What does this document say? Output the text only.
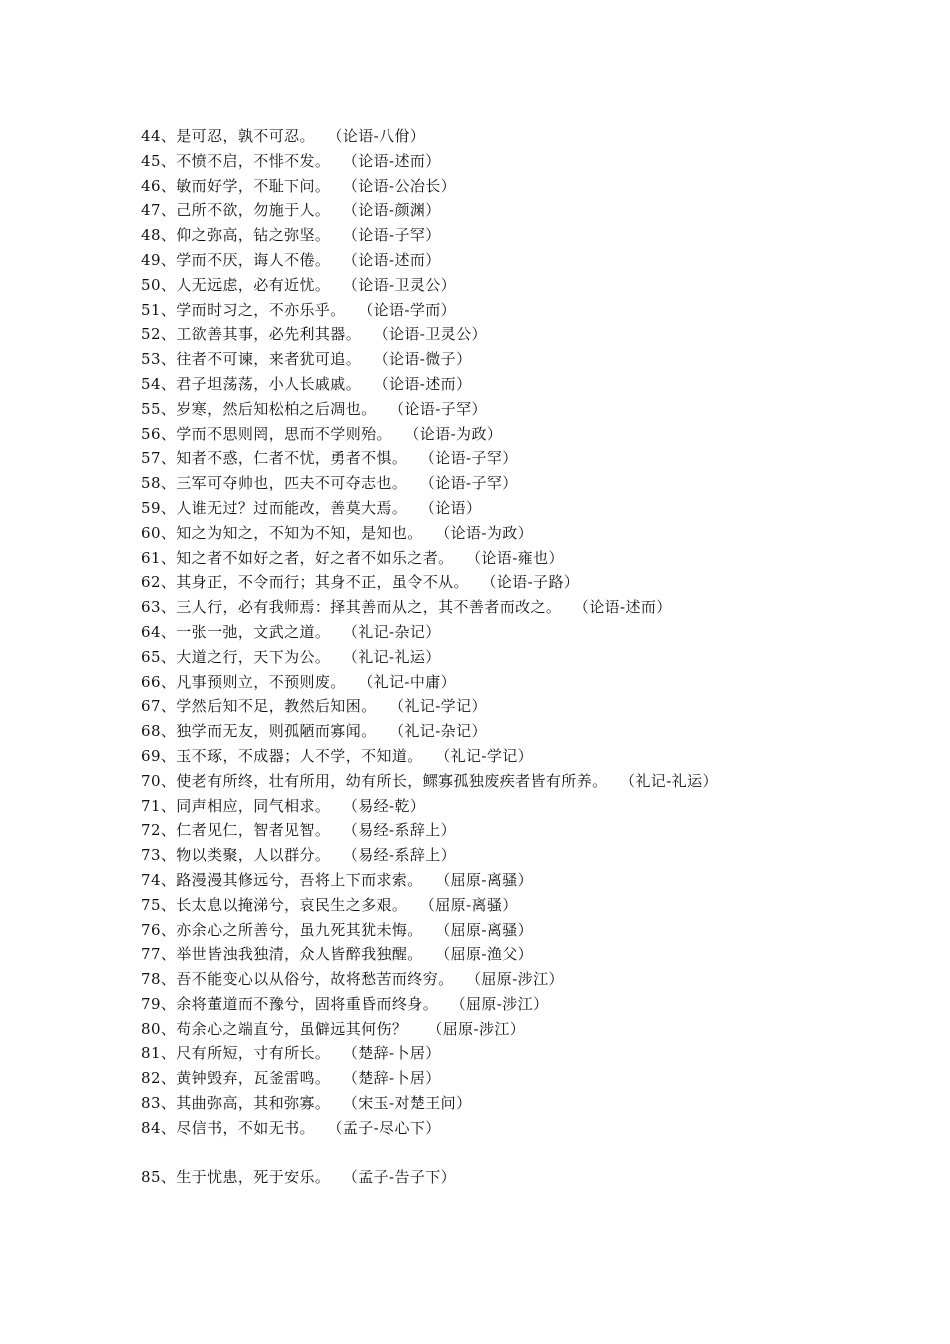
44、是可忍，孰不可忍。 （论语-八佾）
45、不愤不启，不悱不发。 （论语-述而）
46、敏而好学，不耻下问。 （论语-公冶长）
47、己所不欲，勿施于人。 （论语-颜渊）
48、仰之弥高，钻之弥坚。 （论语-子罕）
49、学而不厌，诲人不倦。 （论语-述而）
50、人无远虑，必有近忧。 （论语-卫灵公）
51、学而时习之，不亦乐乎。 （论语-学而）
52、工欲善其事，必先利其器。 （论语-卫灵公）
53、往者不可谏，来者犹可追。 （论语-微子）
54、君子坦荡荡，小人长戚戚。 （论语-述而）
55、岁寒，然后知松柏之后凋也。 （论语-子罕）
56、学而不思则罔，思而不学则殆。 （论语-为政）
57、知者不惑，仁者不忧，勇者不惧。 （论语-子罕）
58、三军可夺帅也，匹夫不可夺志也。 （论语-子罕）
59、人谁无过？过而能改，善莫大焉。 （论语）
60、知之为知之，不知为不知，是知也。 （论语-为政）
61、知之者不如好之者，好之者不如乐之者。 （论语-雍也）
62、其身正，不令而行；其身不正，虽令不从。 （论语-子路）
63、三人行，必有我师焉：择其善而从之，其不善者而改之。 （论语-述而）
64、一张一弛，文武之道。 （礼记-杂记）
65、大道之行，天下为公。 （礼记-礼运）
66、凡事预则立，不预则废。 （礼记-中庸）
67、学然后知不足，教然后知困。 （礼记-学记）
68、独学而无友，则孤陋而寡闻。 （礼记-杂记）
69、玉不琢，不成器；人不学，不知道。 （礼记-学记）
70、使老有所终，壮有所用，幼有所长，鳏寡孤独废疾者皆有所养。 （礼记-礼运）
71、同声相应，同气相求。 （易经-乾）
72、仁者见仁，智者见智。 （易经-系辞上）
73、物以类聚，人以群分。 （易经-系辞上）
74、路漫漫其修远兮，吾将上下而求索。 （屈原-离骚）
75、长太息以掩涕兮，哀民生之多艰。 （屈原-离骚）
76、亦余心之所善兮，虽九死其犹未悔。 （屈原-离骚）
77、举世皆浊我独清，众人皆醉我独醒。 （屈原-渔父）
78、吾不能变心以从俗兮，故将愁苦而终穷。 （屈原-涉江）
79、余将董道而不豫兮，固将重昏而终身。 （屈原-涉江）
80、苟余心之端直兮，虽僻远其何伤？ （屈原-涉江）
81、尺有所短，寸有所长。 （楚辞-卜居）
82、黄钟毁弃，瓦釜雷鸣。 （楚辞-卜居）
83、其曲弥高，其和弥寡。 （宋玉-对楚王问）
84、尽信书，不如无书。 （孟子-尽心下）
85、生于忧患，死于安乐。 （孟子-告子下）
